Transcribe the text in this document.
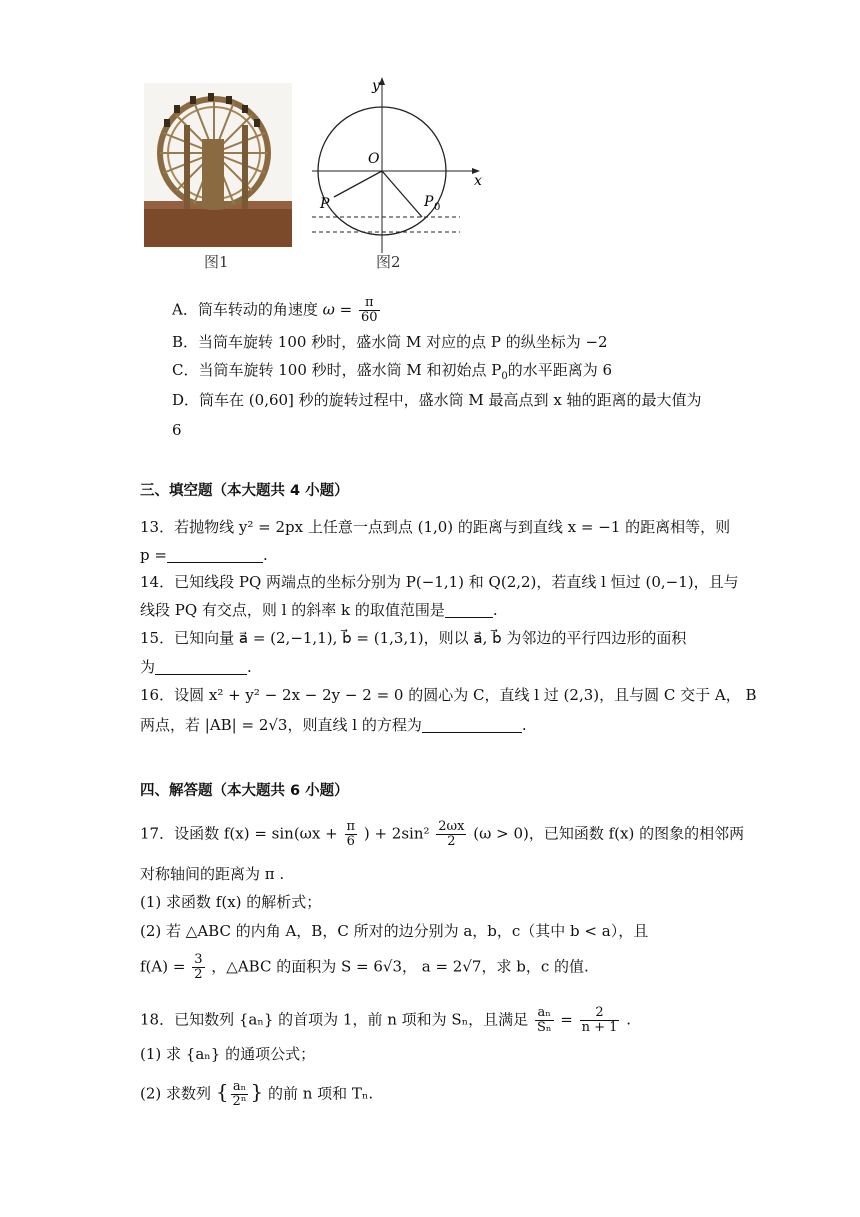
y
x
O
P	P 0
图1	图2
A．筒车转动的角速度 $\omega = \frac{\pi}{60}$
B．当筒车旋转 100 秒时，盛水筒 M 对应的点 P 的纵坐标为 −2
C．当筒车旋转 100 秒时，盛水筒 M 和初始点 $P_0$的水平距离为 6
D．筒车在 (0,60] 秒的旋转过程中，盛水筒 M 最高点到 x 轴的距离的最大值为
6
三、填空题（本大题共 4 小题）
13．若抛物线 y² = 2px 上任意一点到点 (1,0) 的距离与到直线 x = −1 的距离相等，则
p =	.
14．已知线段 PQ 两端点的坐标分别为 P(−1,1) 和 Q(2,2)，若直线 l 恒过 (0,−1)，且与
线段 PQ 有交点，则 l 的斜率 k 的取值范围是	.
15．已知向量 a⃗ = (2,−1,1), b⃗ = (1,3,1)，则以 a⃗, b⃗ 为邻边的平行四边形的面积
为	.
16．设圆 x² + y² − 2x − 2y − 2 = 0 的圆心为 C，直线 l 过 (2,3)，且与圆 C 交于 A， B
两点，若 |AB| = 2√3，则直线 l 的方程为	.
四、解答题（本大题共 6 小题）
17．设函数 $f(x) = \sin(\omega x + \frac{\pi}{6}$ ) + $2\sin^2 \frac{2\omega x}{2} (\omega > 0)$，已知函数 f(x) 的图象的相邻两
对称轴间的距离为 π .
(1) 求函数 f(x) 的解析式；
(2) 若 △ABC 的内角 A，B，C 所对的边分别为 a，b，c（其中 b < a），且
$f(A) = \frac{3}{2}$ ，△ABC 的面积为 S = 6√3， a = 2√7，求 b，c 的值.
18．已知数列 {aₙ} 的首项为 1，前 n 项和为 Sₙ，且满足 $\frac{\text{aₙ}}{\text{Sₙ}} = \frac{2}{n + 1}$ .
(1) 求 {aₙ} 的通项公式；
(2) 求数列 { $\frac{\text{aₙ}}{\text{2ⁿ}}$ } 的前 n 项和 Tₙ.
